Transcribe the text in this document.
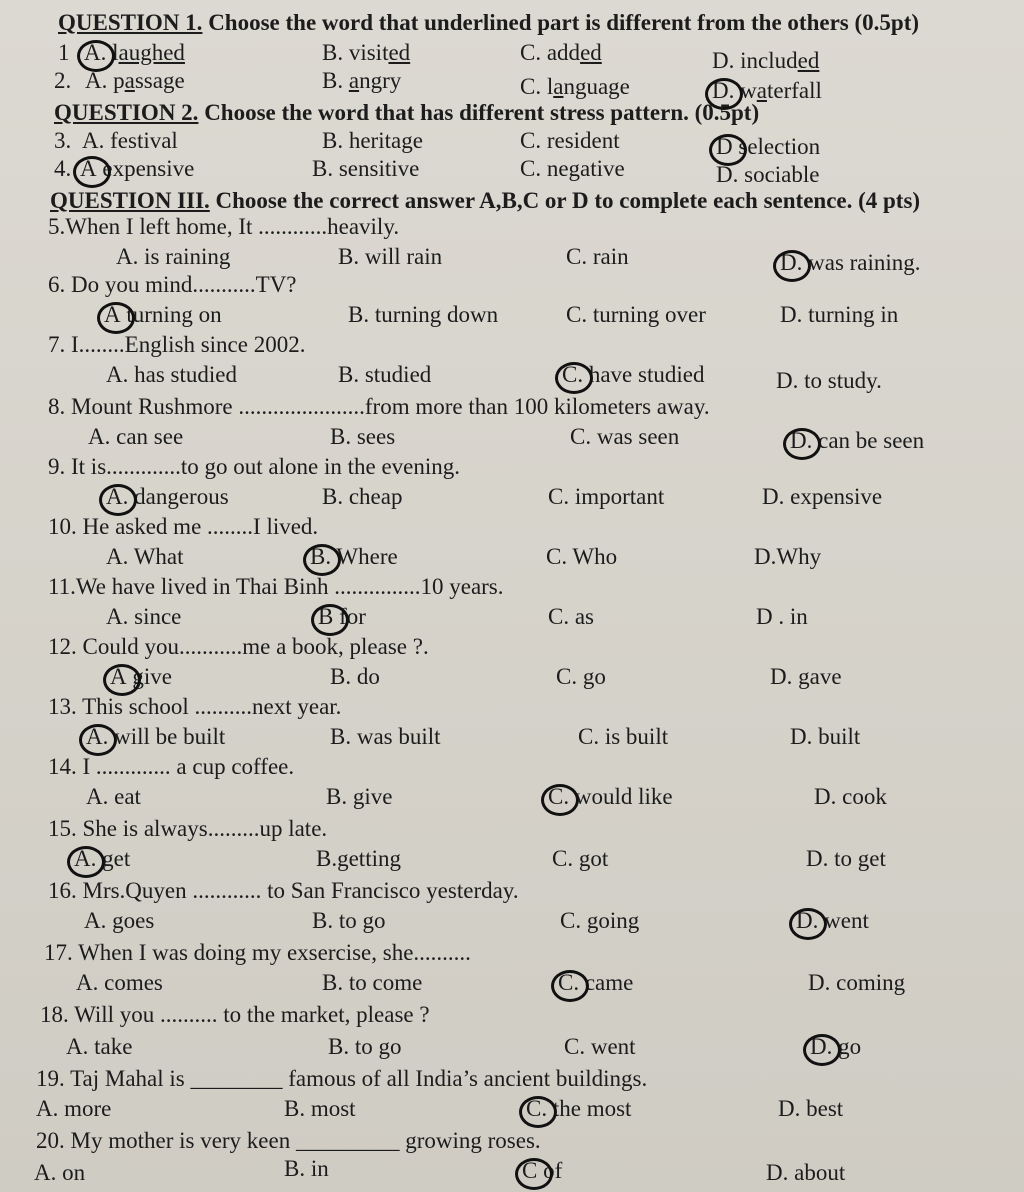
QUESTION 1. Choose the word that underlined part is different from the others (0.5pt)
1 A. laughed	B. visited	C. added	D. included
2. A. passage	B. angry	C. language	D. waterfall
QUESTION 2. Choose the word that has different stress pattern. (0.5pt)
3. A. festival	B. heritage	C. resident	D selection
4. A expensive	B. sensitive	C. negative	D. sociable
QUESTION III. Choose the correct answer A,B,C or D to complete each sentence. (4 pts)
5.When I left home, It ............heavily.
A. is raining	B. will rain	C. rain	D. was raining.
6. Do you mind...........TV?
A turning on	B. turning down	C. turning over	D. turning in
7. I........English since 2002.
A. has studied	B. studied	C. have studied	D. to study.
8. Mount Rushmore ......................from more than 100 kilometers away.
A. can see	B. sees	C. was seen	D. can be seen
9. It is.............to go out alone in the evening.
A. dangerous	B. cheap	C. important	D. expensive
10. He asked me ........I lived.
A. What	B. Where	C. Who	D.Why
11.We have lived in Thai Binh ...............10 years.
A. since	B for	C. as	D . in
12. Could you...........me a book, please ?.
A give	B. do	C. go	D. gave
13. This school ..........next year.
A. will be built	B. was built	C. is built	D. built
14. I ............. a cup coffee.
A. eat	B. give	C. would like	D. cook
15. She is always.........up late.
A. get	B.getting	C. got	D. to get
16. Mrs.Quyen ............ to San Francisco yesterday.
A. goes	B. to go	C. going	D. went
17. When I was doing my exsercise, she..........
A. comes	B. to come	C. came	D. coming
18. Will you .......... to the market, please ?
A. take	B. to go	C. went	D. go
19. Taj Mahal is ________ famous of all India’s ancient buildings.
A. more	B. most	C. the most	D. best
20. My mother is very keen _________ growing roses.
A. on	B. in	C of	D. about
